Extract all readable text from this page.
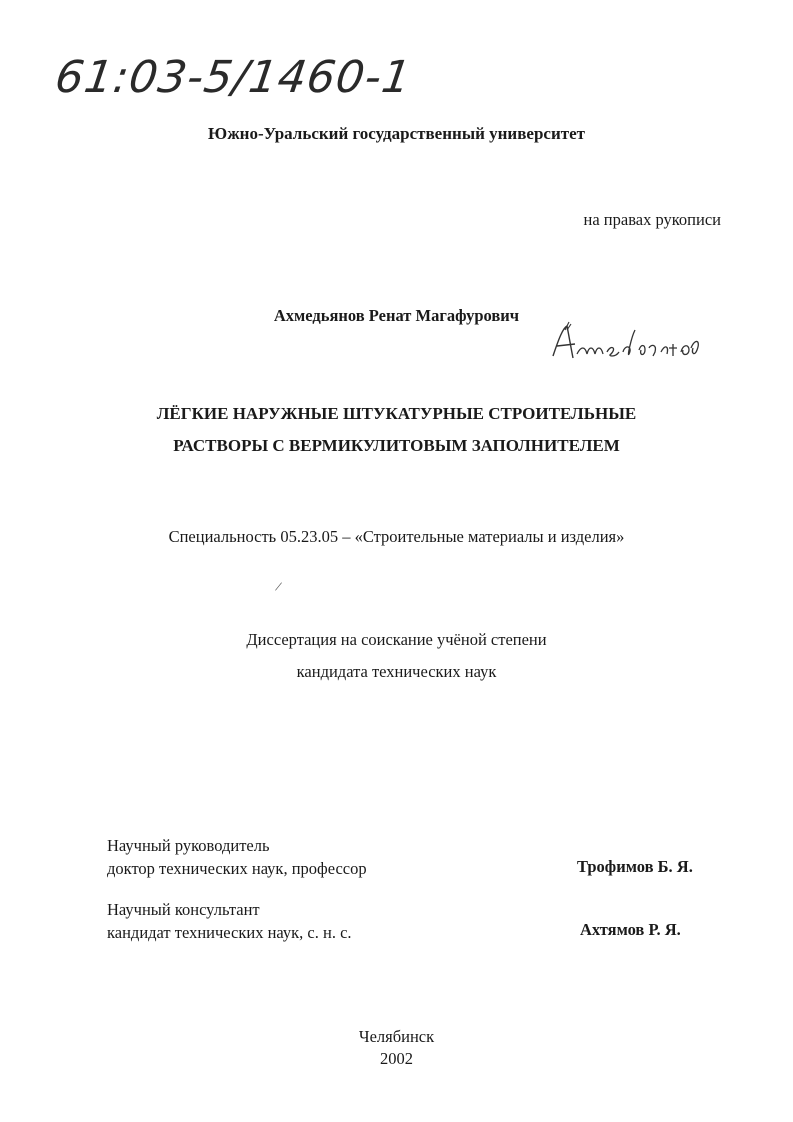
61:03-5/1460-1
Южно-Уральский государственный университет
на правах рукописи
Ахмедьянов Ренат Магафурович
ЛЁГКИЕ НАРУЖНЫЕ ШТУКАТУРНЫЕ СТРОИТЕЛЬНЫЕ
РАСТВОРЫ С ВЕРМИКУЛИТОВЫМ ЗАПОЛНИТЕЛЕМ
Специальность 05.23.05 – «Строительные материалы и изделия»
/
Диссертация на соискание учёной степени
кандидата технических наук
Научный руководитель
доктор технических наук, профессор	Трофимов Б. Я.
Научный консультант
кандидат технических наук, с. н. с.	Ахтямов Р. Я.
Челябинск
2002
